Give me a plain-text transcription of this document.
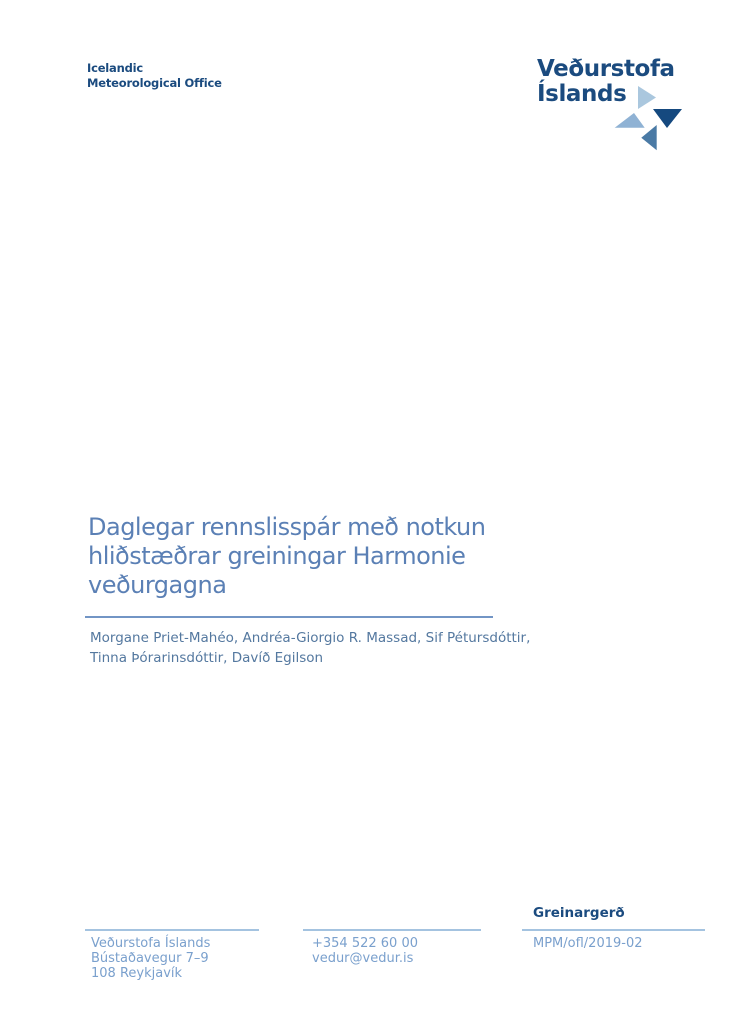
Icelandic
Meteorological Office
Veðurstofa
Íslands
Daglegar rennslisspár með notkun
hliðstæðrar greiningar Harmonie
veðurgagna
Morgane Priet-Mahéo, Andréa-Giorgio R. Massad, Sif Pétursdóttir,
Tinna Þórarinsdóttir, Davíð Egilson
Veðurstofa Íslands
Bústaðavegur 7–9
108 Reykjavík
+354 522 60 00
vedur@vedur.is
Greinargerð
MPM/ofl/2019-02
